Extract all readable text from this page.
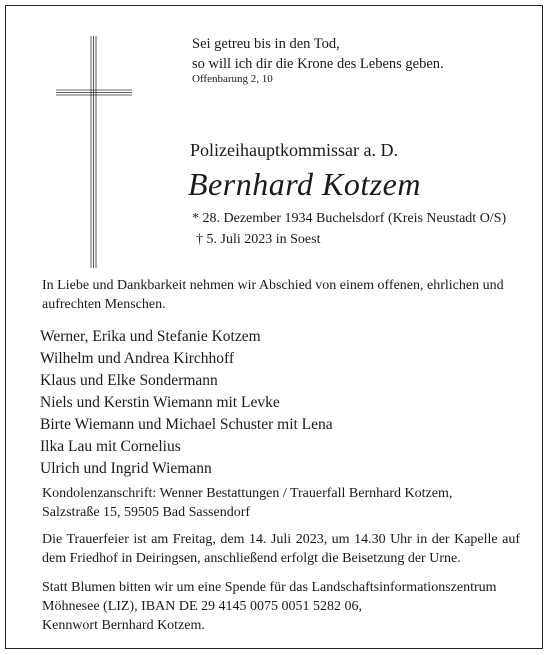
Sei getreu bis in den Tod,
so will ich dir die Krone des Lebens geben.
Offenbarung 2, 10
Polizeihauptkommissar a. D.
Bernhard Kotzem
* 28. Dezember 1934 Buchelsdorf (Kreis Neustadt O/S)
† 5. Juli 2023 in Soest
In Liebe und Dankbarkeit nehmen wir Abschied von einem offenen, ehrlichen und aufrechten Menschen.
Werner, Erika und Stefanie Kotzem
Wilhelm und Andrea Kirchhoff
Klaus und Elke Sondermann
Niels und Kerstin Wiemann mit Levke
Birte Wiemann und Michael Schuster mit Lena
Ilka Lau mit Cornelius
Ulrich und Ingrid Wiemann
Kondolenzanschrift: Wenner Bestattungen / Trauerfall Bernhard Kotzem,
Salzstraße 15, 59505 Bad Sassendorf
Die Trauerfeier ist am Freitag, dem 14. Juli 2023, um 14.30 Uhr in der Kapelle auf dem Friedhof in Deiringsen, anschließend erfolgt die Beisetzung der Urne.
Statt Blumen bitten wir um eine Spende für das Landschaftsinformationszentrum
Möhnesee (LIZ), IBAN DE 29 4145 0075 0051 5282 06,
Kennwort Bernhard Kotzem.
